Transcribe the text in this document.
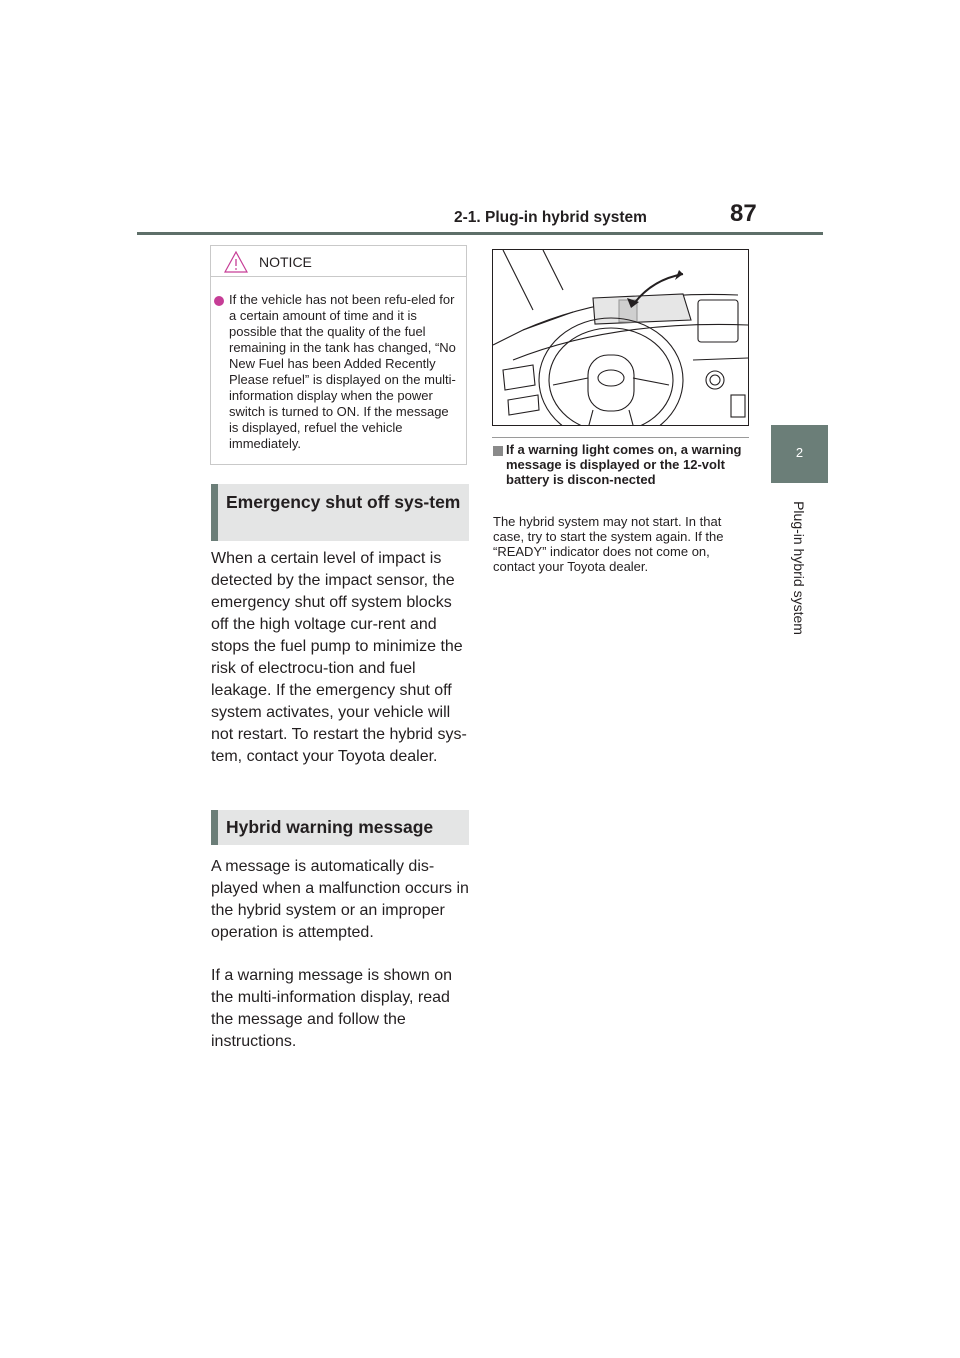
2-1. Plug-in hybrid system	87
2
Plug-in hybrid system
NOTICE
If the vehicle has not been refu-eled for a certain amount of time and it is possible that the quality of the fuel remaining in the tank has changed, “No New Fuel has been Added Recently Please refuel” is displayed on the multi-information display when the power switch is turned to ON. If the message is displayed, refuel the vehicle immediately.
Emergency shut off sys-tem
When a certain level of impact is detected by the impact sensor, the emergency shut off system blocks off the high voltage cur-rent and stops the fuel pump to minimize the risk of electrocu-tion and fuel leakage. If the emergency shut off system activates, your vehicle will not restart. To restart the hybrid sys-tem, contact your Toyota dealer.
Hybrid warning message
A message is automatically dis-played when a malfunction occurs in the hybrid system or an improper operation is attempted.
If a warning message is shown on the multi-information display, read the message and follow the instructions.
If a warning light comes on, a warning message is displayed or the 12-volt battery is discon-nected
The hybrid system may not start. In that case, try to start the system again. If the “READY” indicator does not come on, contact your Toyota dealer.
